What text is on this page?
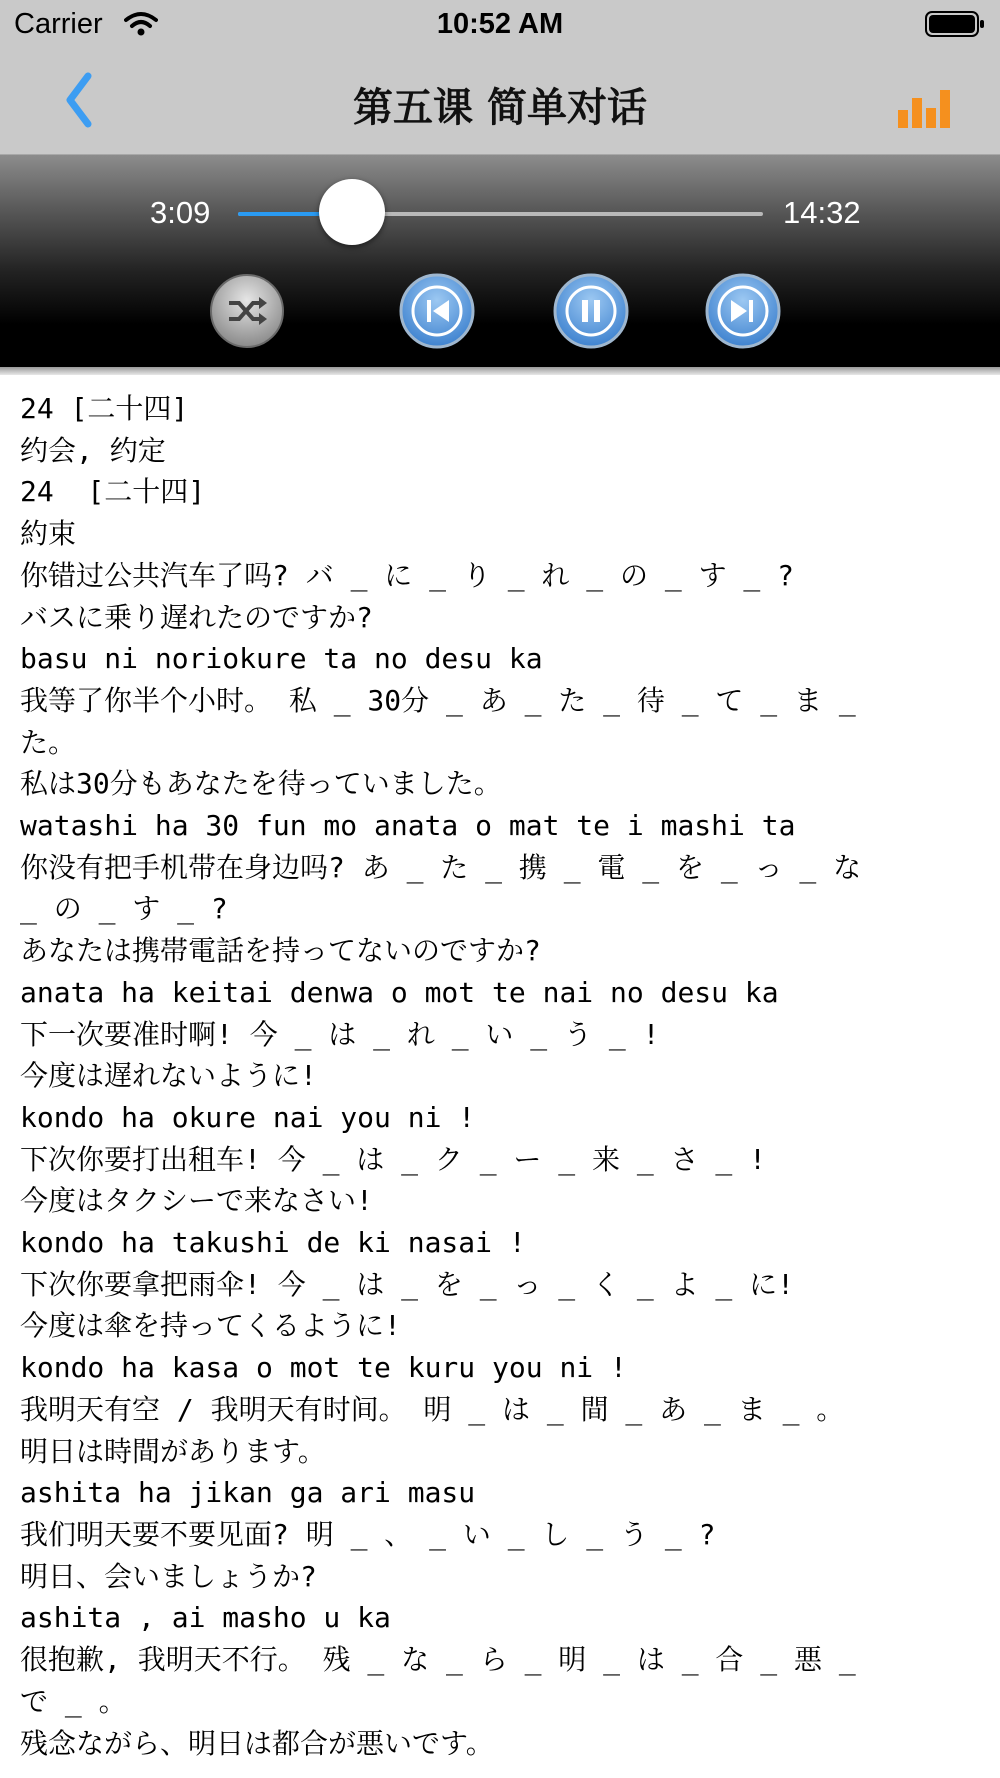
Carrier	10:52 AM
第五课 简单对话
3:09	14:32
24 [二十四]
约会, 约定
24  [二十四]
約束
你错过公共汽车了吗? バ _ に _ り _ れ _ の _ す _ ?
バスに乗り遅れたのですか?
basu ni noriokure ta no desu ka
我等了你半个小时。 私 _ 30分 _ あ _ た _ 待 _ て _ ま _
た。
私は30分もあなたを待っていました。
watashi ha 30 fun mo anata o mat te i mashi ta
你没有把手机带在身边吗? あ _ た _ 携 _ 電 _ を _ っ _ な
_ の _ す _ ?
あなたは携帯電話を持ってないのですか?
anata ha keitai denwa o mot te nai no desu ka
下一次要准时啊! 今 _ は _ れ _ い _ う _ !
今度は遅れないように!
kondo ha okure nai you ni !
下次你要打出租车! 今 _ は _ ク _ ー _ 来 _ さ _ !
今度はタクシーで来なさい!
kondo ha takushi de ki nasai !
下次你要拿把雨伞! 今 _ は _ を _ っ _ く _ よ _ に!
今度は傘を持ってくるように!
kondo ha kasa o mot te kuru you ni !
我明天有空 / 我明天有时间。 明 _ は _ 間 _ あ _ ま _ 。
明日は時間があります。
ashita ha jikan ga ari masu
我们明天要不要见面? 明 _ 、 _ い _ し _ う _ ?
明日、会いましょうか?
ashita , ai masho u ka
很抱歉, 我明天不行。 残 _ な _ ら _ 明 _ は _ 合 _ 悪 _
で _ 。
残念ながら、明日は都合が悪いです。
